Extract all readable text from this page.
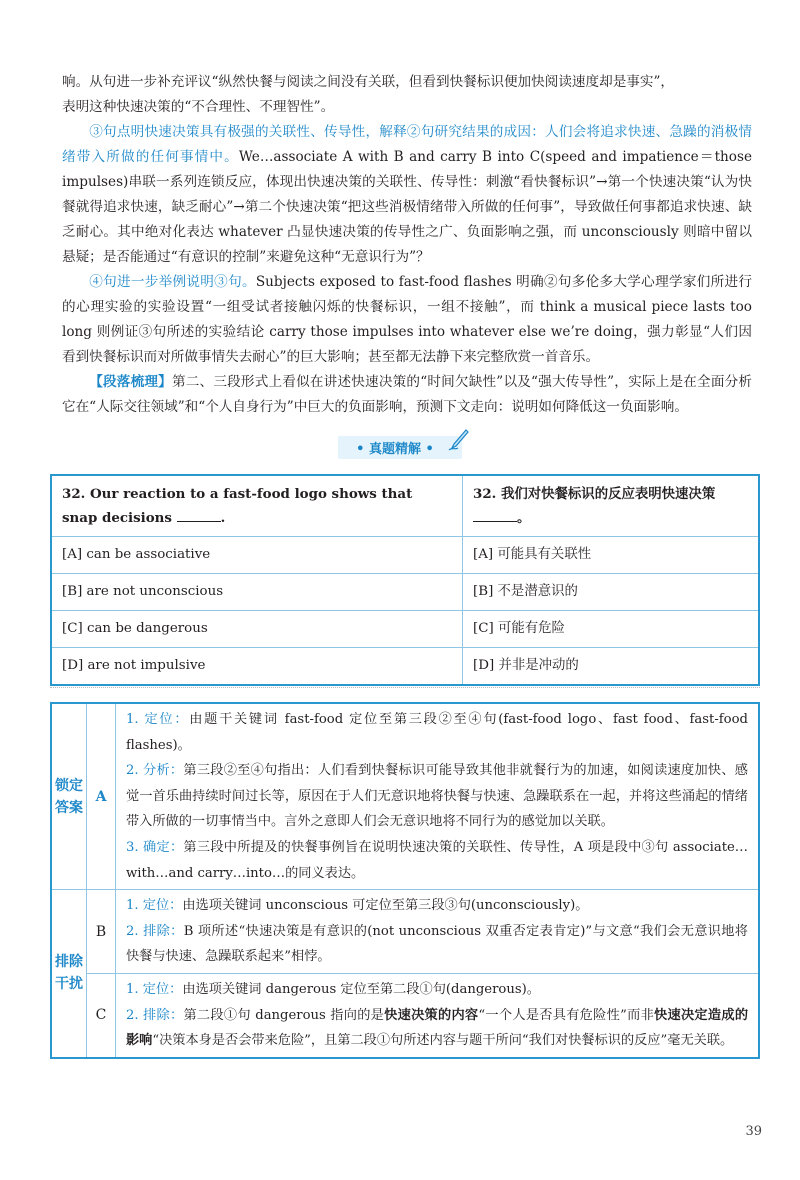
响。从句进一步补充评议“纵然快餐与阅读之间没有关联，但看到快餐标识便加快阅读速度却是事实”，
表明这种快速决策的“不合理性、不理智性”。

③句点明快速决策具有极强的关联性、传导性，解释②句研究结果的成因：人们会将追求快速、急躁的消极情绪带入所做的任何事情中。We…associate A with B and carry B into C(speed and impatience＝those impulses)串联一系列连锁反应，体现出快速决策的关联性、传导性：刺激“看快餐标识”→第一个快速决策“认为快餐就得追求快速，缺乏耐心”→第二个快速决策“把这些消极情绪带入所做的任何事”，导致做任何事都追求快速、缺乏耐心。其中绝对化表达 whatever 凸显快速决策的传导性之广、负面影响之强，而 unconsciously 则暗中留以悬疑；是否能通过“有意识的控制”来避免这种“无意识行为”？

④句进一步举例说明③句。Subjects exposed to fast-food flashes 明确②句多伦多大学心理学家们所进行的心理实验的实验设置“一组受试者接触闪烁的快餐标识，一组不接触”，而 think a musical piece lasts too long 则例证③句所述的实验结论 carry those impulses into whatever else we’re doing，强力彰显“人们因看到快餐标识而对所做事情失去耐心”的巨大影响；甚至都无法静下来完整欣赏一首音乐。

【段落梳理】第二、三段形式上看似在讲述快速决策的“时间欠缺性”以及“强大传导性”，实际上是在全面分析它在“人际交往领域”和“个人自身行为”中巨大的负面影响，预测下文走向：说明如何降低这一负面影响。

• 真题精解 •
32. Our reaction to a fast-food logo shows that snap decisions .	32. 我们对快餐标识的反应表明快速决策。
[A] can be associative	[A] 可能具有关联性
[B] are not unconscious	[B] 不是潜意识的
[C] can be dangerous	[C] 可能有危险
[D] are not impulsive	[D] 并非是冲动的
锁定
答案	A	1. 定位：由题干关键词 fast-food 定位至第三段②至④句(fast-food logo、fast food、fast-food flashes)。
2. 分析：第三段②至④句指出：人们看到快餐标识可能导致其他非就餐行为的加速，如阅读速度加快、感觉一首乐曲持续时间过长等，原因在于人们无意识地将快餐与快速、急躁联系在一起，并将这些涌起的情绪带入所做的一切事情当中。言外之意即人们会无意识地将不同行为的感觉加以关联。
3. 确定：第三段中所提及的快餐事例旨在说明快速决策的关联性、传导性，A 项是段中③句 associate…with…and carry…into…的同义表达。
排除
干扰	B	1. 定位：由选项关键词 unconscious 可定位至第三段③句(unconsciously)。
2. 排除：B 项所述“快速决策是有意识的(not unconscious 双重否定表肯定)”与文意“我们会无意识地将快餐与快速、急躁联系起来”相悖。
	C	1. 定位：由选项关键词 dangerous 定位至第二段①句(dangerous)。
2. 排除：第二段①句 dangerous 指向的是快速决策的内容“一个人是否具有危险性”而非快速决定造成的影响“决策本身是否会带来危险”，且第二段①句所述内容与题干所问“我们对快餐标识的反应”毫无关联。
39
